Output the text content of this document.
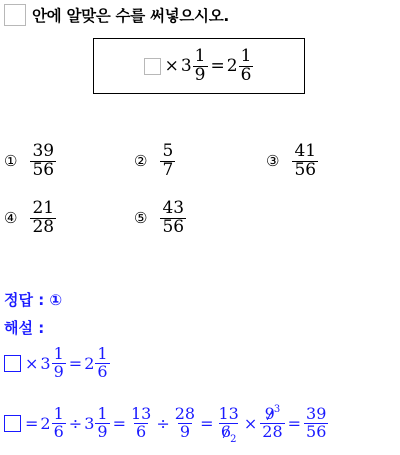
안에 알맞은 수를 써넣으시오.
× $3 \frac{1}{9} = 2 \frac{1}{6}$
① $\frac{39}{56}$	② $\frac{5}{7}$	③ $\frac{41}{56}$
④ $\frac{21}{28}$	⑤ $\frac{43}{56}$
정답 : ①
해설 :
× $3 \frac{1}{9} = 2 \frac{1}{6}$
= $2 \frac{1}{6} \div 3 \frac{1}{9} = \frac{13}{6} \div \frac{28}{9} = \frac{13}{6_2} \times \frac{9^3}{28} = \frac{39}{56}$
